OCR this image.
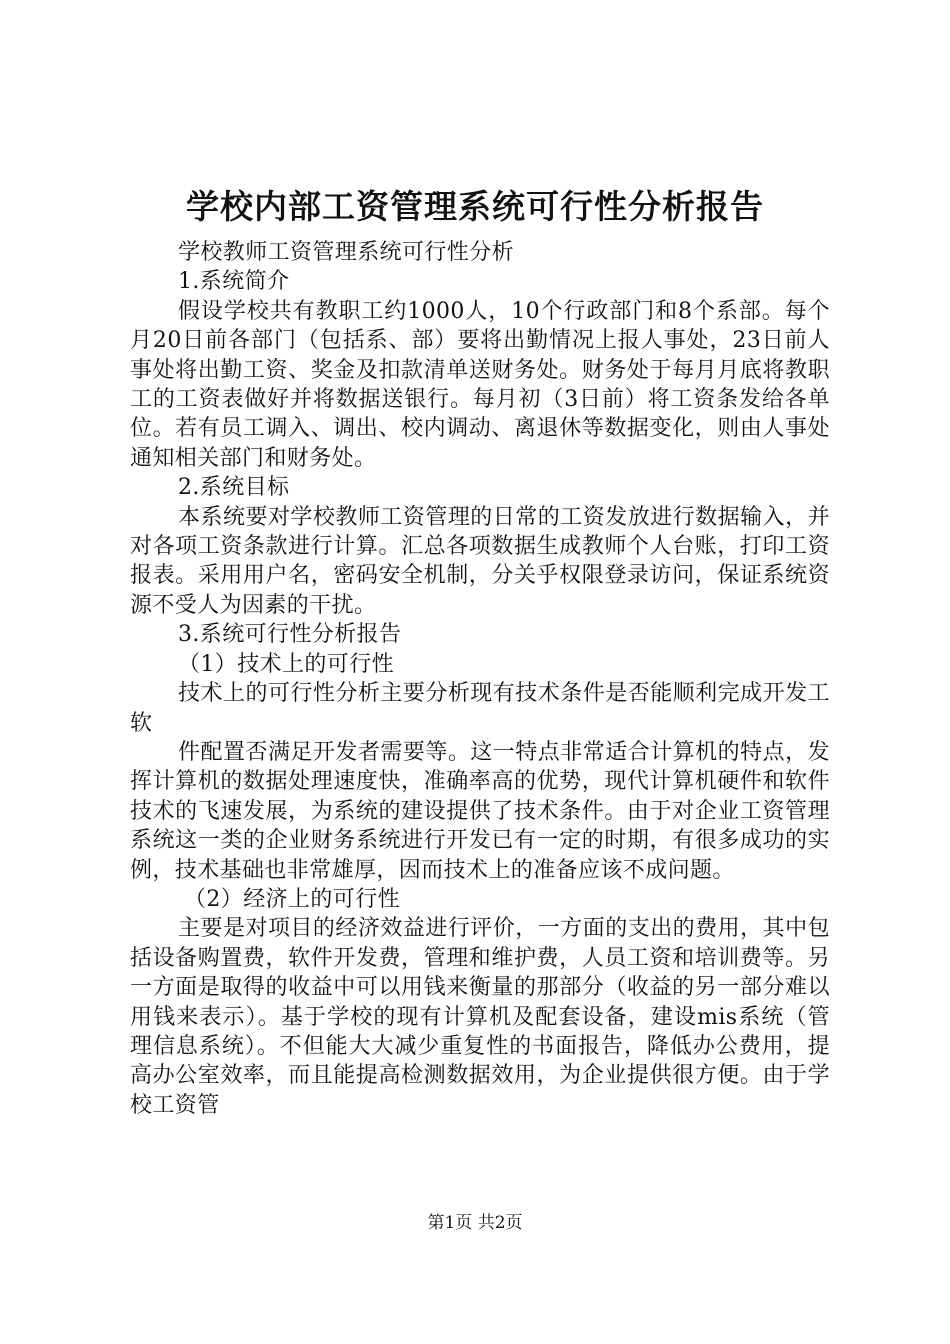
学校内部工资管理系统可行性分析报告

学校教师工资管理系统可行性分析

1.系统简介

假设学校共有教职工约1000人，10个行政部门和8个系部。每个月20日前各部门（包括系、部）要将出勤情况上报人事处，23日前人事处将出勤工资、奖金及扣款清单送财务处。财务处于每月月底将教职工的工资表做好并将数据送银行。每月初（3日前）将工资条发给各单位。若有员工调入、调出、校内调动、离退休等数据变化，则由人事处通知相关部门和财务处。

2.系统目标

本系统要对学校教师工资管理的日常的工资发放进行数据输入，并对各项工资条款进行计算。汇总各项数据生成教师个人台账，打印工资报表。采用用户名，密码安全机制，分关乎权限登录访问，保证系统资源不受人为因素的干扰。

3.系统可行性分析报告

（1）技术上的可行性

技术上的可行性分析主要分析现有技术条件是否能顺利完成开发工软

件配置否满足开发者需要等。这一特点非常适合计算机的特点，发挥计算机的数据处理速度快，准确率高的优势，现代计算机硬件和软件技术的飞速发展，为系统的建设提供了技术条件。由于对企业工资管理系统这一类的企业财务系统进行开发已有一定的时期，有很多成功的实例，技术基础也非常雄厚，因而技术上的准备应该不成问题。

（2）经济上的可行性

主要是对项目的经济效益进行评价，一方面的支出的费用，其中包括设备购置费，软件开发费，管理和维护费，人员工资和培训费等。另一方面是取得的收益中可以用钱来衡量的那部分（收益的另一部分难以用钱来表示）。基于学校的现有计算机及配套设备，建设mis系统（管理信息系统）。不但能大大减少重复性的书面报告，降低办公费用，提高办公室效率，而且能提高检测数据效用，为企业提供很方便。由于学校工资管

第1页 共2页
